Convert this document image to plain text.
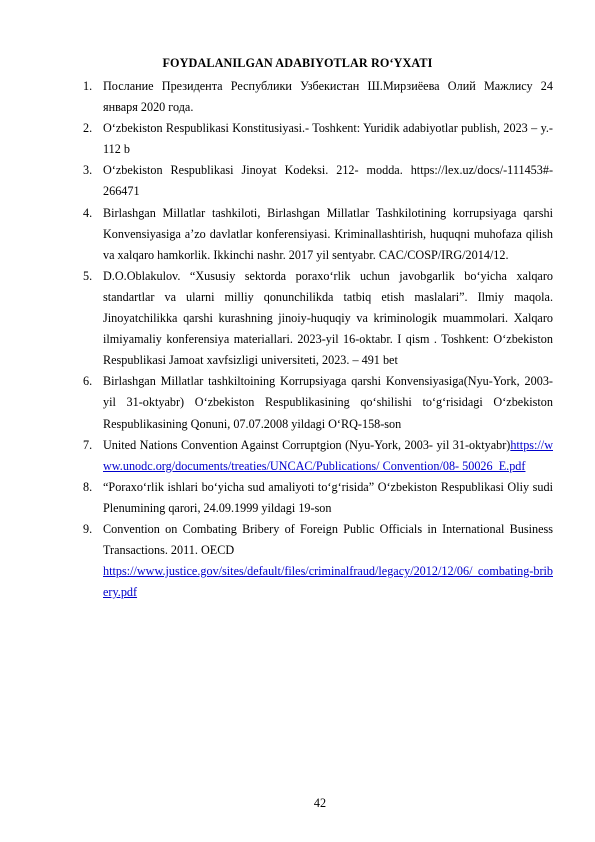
FOYDALANILGAN ADABIYOTLAR RO‘YXATI
1. Послание Президента Республики Узбекистан Ш.Мирзиёева Олий Мажлису 24 января 2020 года.
2. O‘zbekiston Respublikasi Konstitusiyasi.- Toshkent: Yuridik adabiyotlar publish, 2023 – y.- 112 b
3. O‘zbekiston Respublikasi Jinoyat Kodeksi. 212- modda. https://lex.uz/docs/-111453#- 266471
4. Birlashgan Millatlar tashkiloti, Birlashgan Millatlar Tashkilotining korrupsiyaga qarshi Konvensiyasiga a’zo davlatlar konferensiyasi. Kriminallashtirish, huquqni muhofaza qilish va xalqaro hamkorlik. Ikkinchi nashr. 2017 yil sentyabr. CAC/COSP/IRG/2014/12.
5. D.O.Oblakulov. “Xususiy sektorda poraxo‘rlik uchun javobgarlik bo‘yicha xalqaro standartlar va ularni milliy qonunchilikda tatbiq etish maslalari”. Ilmiy maqola. Jinoyatchilikka qarshi kurashning jinoiy-huquqiy va kriminologik muammolari. Xalqaro ilmiyamaliy konferensiya materiallari. 2023-yil 16-oktabr. I qism . Toshkent: O‘zbekiston Respublikasi Jamoat xavfsizligi universiteti, 2023. – 491 bet
6. Birlashgan Millatlar tashkiltoining Korrupsiyaga qarshi Konvensiyasiga(Nyu-York, 2003- yil 31-oktyabr) O‘zbekiston Respublikasining qo‘shilishi to‘g‘risidagi O‘zbekiston Respublikasining Qonuni, 07.07.2008 yildagi O‘RQ-158-son
7. United Nations Convention Against Corruptgion (Nyu-York, 2003- yil 31-oktyabr)https://www.unodc.org/documents/treaties/UNCAC/Publications/ Convention/08- 50026_E.pdf
8. “Poraxo‘rlik ishlari bo‘yicha sud amaliyoti to‘g‘risida” O‘zbekiston Respublikasi Oliy sudi Plenumining qarori, 24.09.1999 yildagi 19-son
9. Convention on Combating Bribery of Foreign Public Officials in International Business Transactions. 2011. OECD
https://www.justice.gov/sites/default/files/criminalfraud/legacy/2012/12/06/ combating-bribery.pdf
42
